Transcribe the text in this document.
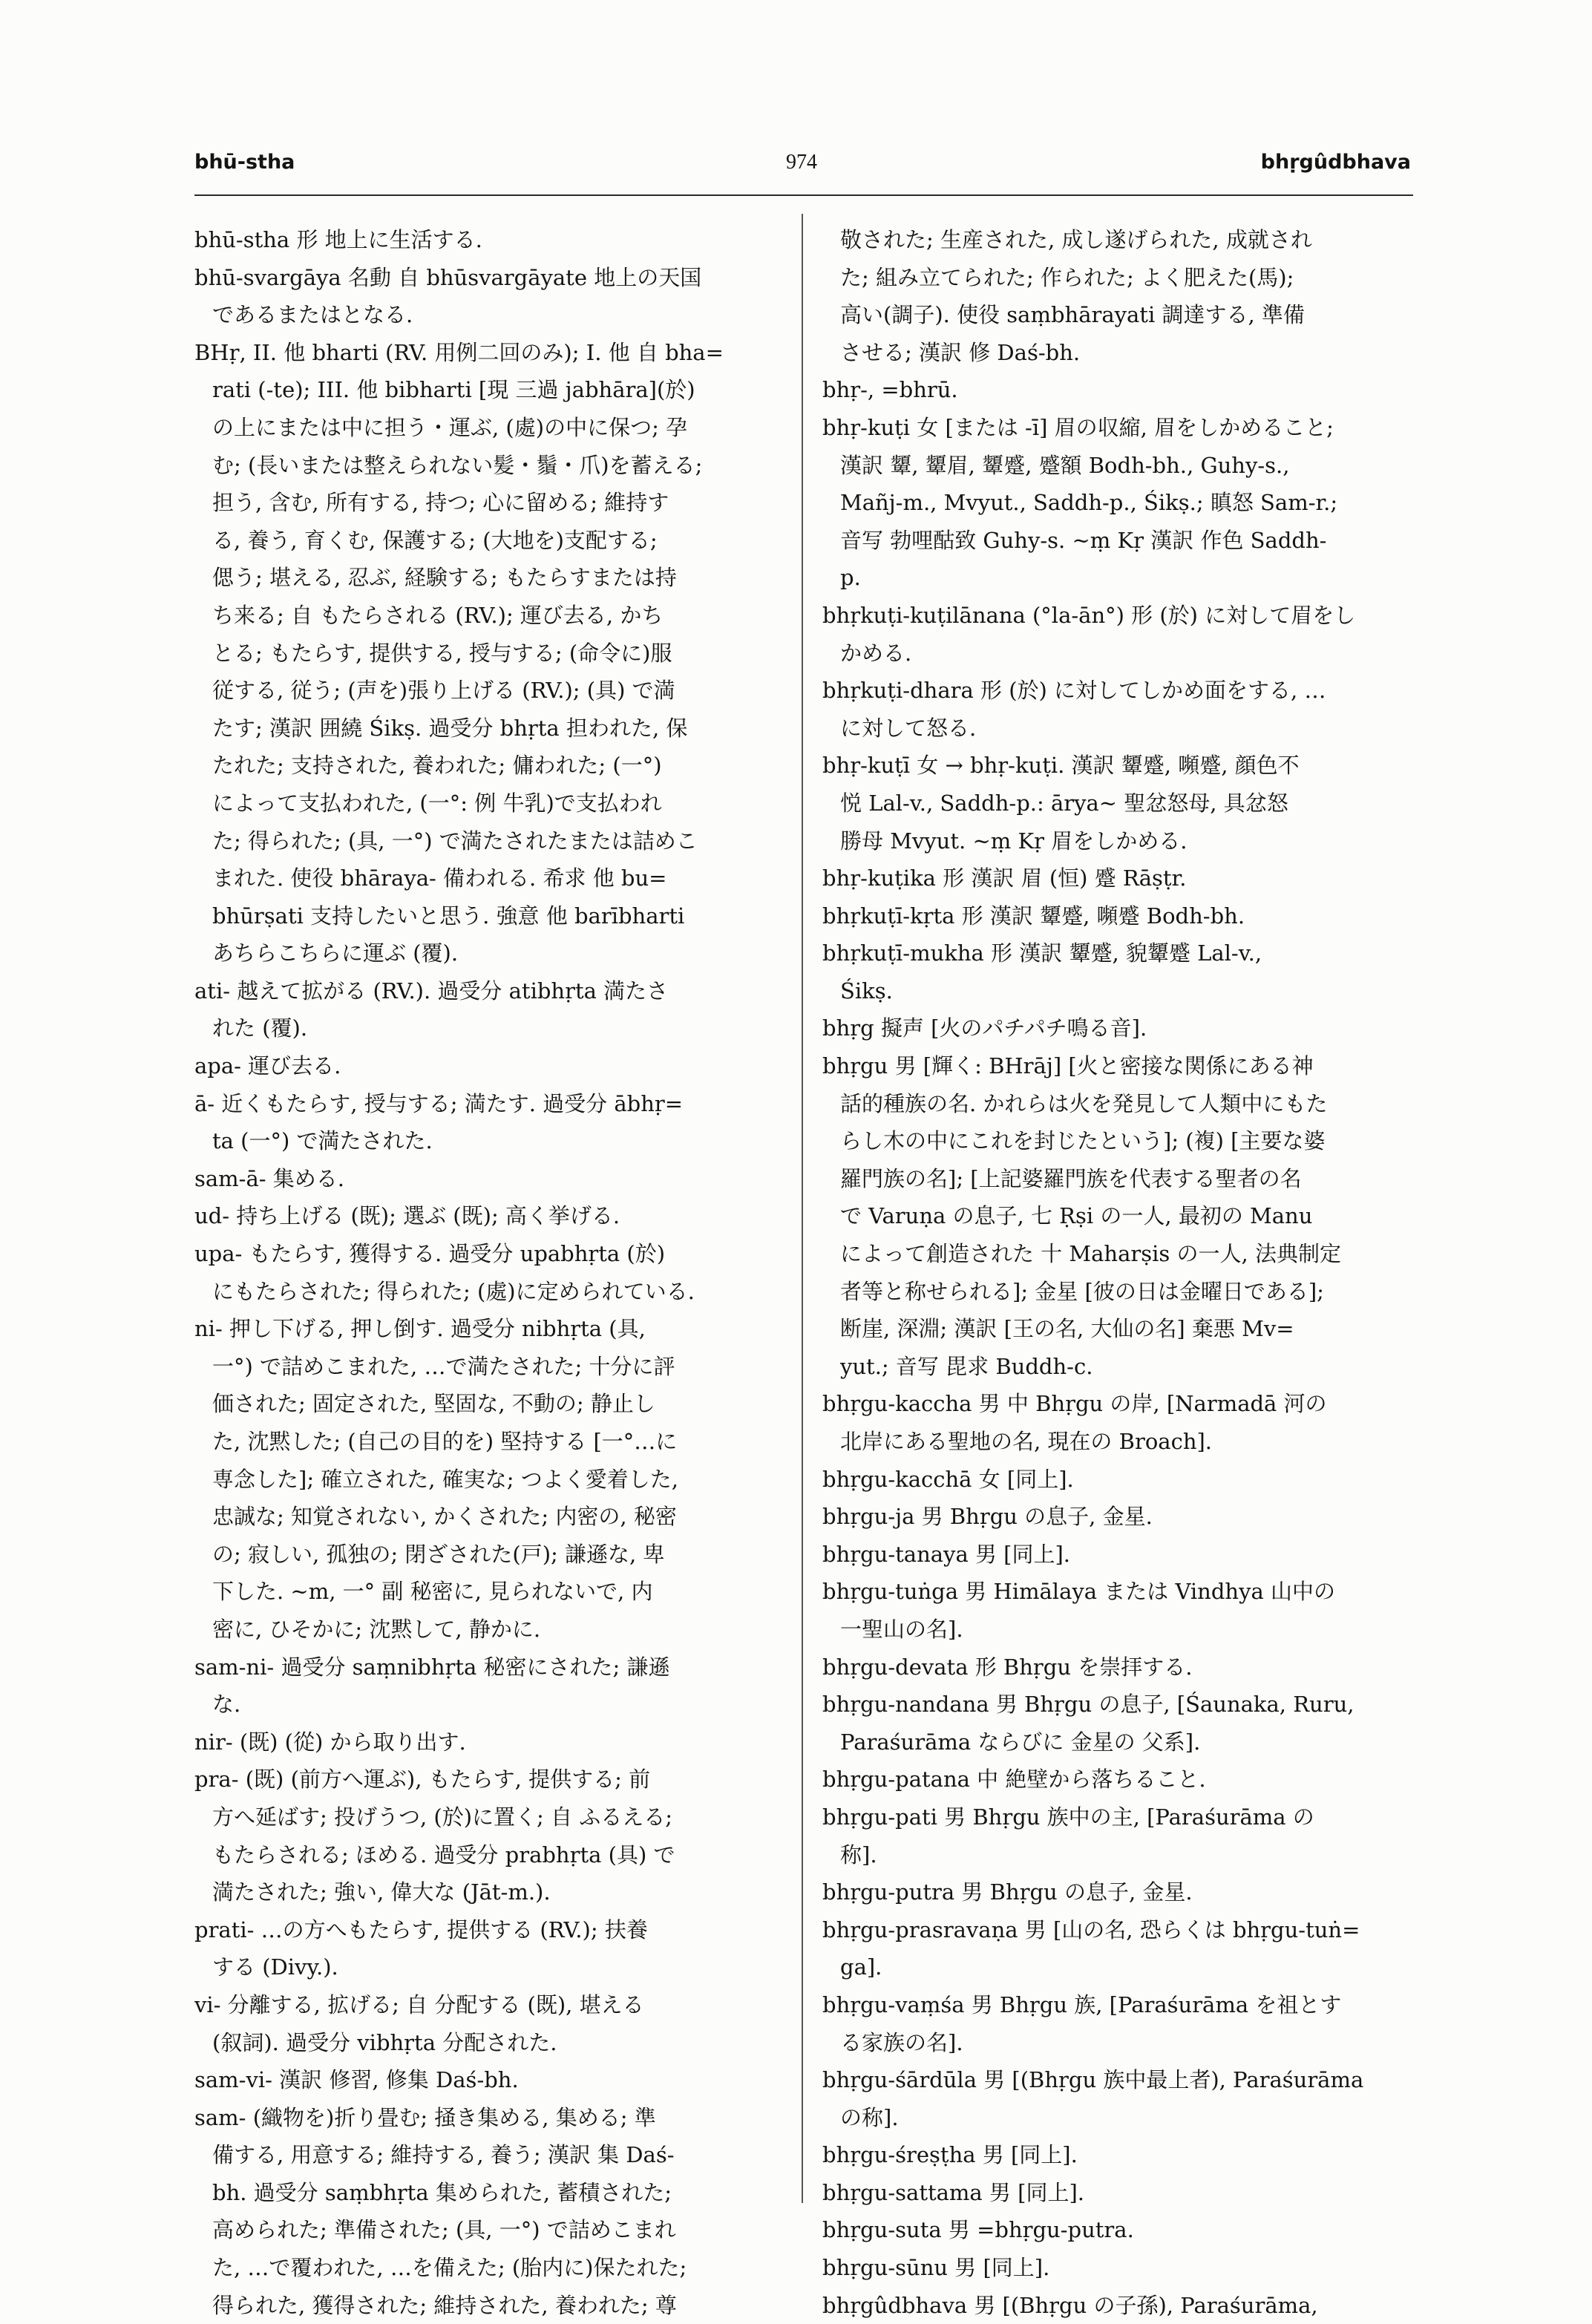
bhū-stha	974	bhṛgûdbhava
bhū-stha 形 地上に生活する.
bhū-svargāya 名動 自 bhūsvargāyate 地上の天国
であるまたはとなる.
BHṛ, II. 他 bharti (RV. 用例二回のみ); I. 他 自 bha=
rati (-te); III. 他 bibharti [現 三過 jabhāra](於)
の上にまたは中に担う・運ぶ, (處)の中に保つ; 孕
む; (長いまたは整えられない髪・鬚・爪)を蓄える;
担う, 含む, 所有する, 持つ; 心に留める; 維持す
る, 養う, 育くむ, 保護する; (大地を)支配する;
偲う; 堪える, 忍ぶ, 経験する; もたらすまたは持
ち来る; 自 もたらされる (RV.); 運び去る, かち
とる; もたらす, 提供する, 授与する; (命令に)服
従する, 従う; (声を)張り上げる (RV.); (具) で満
たす; 漢訳 囲繞 Śikṣ. 過受分 bhṛta 担われた, 保
たれた; 支持された, 養われた; 傭われた; (一°)
によって支払われた, (一°: 例 牛乳)で支払われ
た; 得られた; (具, 一°) で満たされたまたは詰めこ
まれた. 使役 bhāraya- 備われる. 希求 他 bu=
bhūrṣati 支持したいと思う. 強意 他 barībharti
あちらこちらに運ぶ (覆).
ati- 越えて拡がる (RV.). 過受分 atibhṛta 満たさ
れた (覆).
apa- 運び去る.
ā- 近くもたらす, 授与する; 満たす. 過受分 ābhṛ=
ta (一°) で満たされた.
sam-ā- 集める.
ud- 持ち上げる (既); 選ぶ (既); 高く挙げる.
upa- もたらす, 獲得する. 過受分 upabhṛta (於)
にもたらされた; 得られた; (處)に定められている.
ni- 押し下げる, 押し倒す. 過受分 nibhṛta (具,
一°) で詰めこまれた, …で満たされた; 十分に評
価された; 固定された, 堅固な, 不動の; 静止し
た, 沈黙した; (自己の目的を) 堅持する [一°…に
専念した]; 確立された, 確実な; つよく愛着した,
忠誠な; 知覚されない, かくされた; 内密の, 秘密
の; 寂しい, 孤独の; 閉ざされた(戸); 謙遜な, 卑
下した. ~m, 一° 副 秘密に, 見られないで, 内
密に, ひそかに; 沈黙して, 静かに.
sam-ni- 過受分 saṃnibhṛta 秘密にされた; 謙遜
な.
nir- (既) (從) から取り出す.
pra- (既) (前方へ運ぶ), もたらす, 提供する; 前
方へ延ばす; 投げうつ, (於)に置く; 自 ふるえる;
もたらされる; ほめる. 過受分 prabhṛta (具) で
満たされた; 強い, 偉大な (Jāt-m.).
prati- …の方へもたらす, 提供する (RV.); 扶養
する (Divy.).
vi- 分離する, 拡げる; 自 分配する (既), 堪える
(叙詞). 過受分 vibhṛta 分配された.
sam-vi- 漢訳 修習, 修集 Daś-bh.
sam- (織物を)折り畳む; 掻き集める, 集める; 準
備する, 用意する; 維持する, 養う; 漢訳 集 Daś-
bh. 過受分 saṃbhṛta 集められた, 蓄積された;
高められた; 準備された; (具, 一°) で詰めこまれ
た, …で覆われた, …を備えた; (胎内に)保たれた;
得られた, 獲得された; 維持された, 養われた; 尊
敬された; 生産された, 成し遂げられた, 成就され
た; 組み立てられた; 作られた; よく肥えた(馬);
高い(調子). 使役 saṃbhārayati 調達する, 準備
させる; 漢訳 修 Daś-bh.
bhṛ-, =bhrū.
bhṛ-kuṭi 女 [または -ī] 眉の収縮, 眉をしかめること;
漢訳 顰, 顰眉, 顰蹙, 蹙額 Bodh-bh., Guhy-s.,
Mañj-m., Mvyut., Saddh-p., Śikṣ.; 瞋怒 Sam-r.;
音写 勃哩酤致 Guhy-s. ~ṃ Kṛ 漢訳 作色 Saddh-
p.
bhṛkuṭi-kuṭilānana (°la-ān°) 形 (於) に対して眉をし
かめる.
bhṛkuṭi-dhara 形 (於) に対してしかめ面をする, …
に対して怒る.
bhṛ-kuṭī 女 → bhṛ-kuṭi. 漢訳 顰蹙, 嚬蹙, 顔色不
悦 Lal-v., Saddh-p.: ārya~ 聖忿怒母, 具忿怒
勝母 Mvyut. ~ṃ Kṛ 眉をしかめる.
bhṛ-kuṭika 形 漢訳 眉 (恒) 蹙 Rāṣṭr.
bhṛkuṭī-kṛta 形 漢訳 顰蹙, 嚬蹙 Bodh-bh.
bhṛkuṭī-mukha 形 漢訳 顰蹙, 貌顰蹙 Lal-v.,
Śikṣ.
bhṛg 擬声 [火のパチパチ鳴る音].
bhṛgu 男 [輝く: BHrāj] [火と密接な関係にある神
話的種族の名. かれらは火を発見して人類中にもた
らし木の中にこれを封じたという]; (複) [主要な婆
羅門族の名]; [上記婆羅門族を代表する聖者の名
で Varuṇa の息子, 七 Ṛṣi の一人, 最初の Manu
によって創造された 十 Maharṣis の一人, 法典制定
者等と称せられる]; 金星 [彼の日は金曜日である];
断崖, 深淵; 漢訳 [王の名, 大仙の名] 棄悪 Mv=
yut.; 音写 毘求 Buddh-c.
bhṛgu-kaccha 男 中 Bhṛgu の岸, [Narmadā 河の
北岸にある聖地の名, 現在の Broach].
bhṛgu-kacchā 女 [同上].
bhṛgu-ja 男 Bhṛgu の息子, 金星.
bhṛgu-tanaya 男 [同上].
bhṛgu-tuṅga 男 Himālaya または Vindhya 山中の
一聖山の名].
bhṛgu-devata 形 Bhṛgu を崇拝する.
bhṛgu-nandana 男 Bhṛgu の息子, [Śaunaka, Ruru,
Paraśurāma ならびに 金星の 父系].
bhṛgu-patana 中 絶壁から落ちること.
bhṛgu-pati 男 Bhṛgu 族中の主, [Paraśurāma の
称].
bhṛgu-putra 男 Bhṛgu の息子, 金星.
bhṛgu-prasravaṇa 男 [山の名, 恐らくは bhṛgu-tuṅ=
ga].
bhṛgu-vaṃśa 男 Bhṛgu 族, [Paraśurāma を祖とす
る家族の名].
bhṛgu-śārdūla 男 [(Bhṛgu 族中最上者), Paraśurāma
の称].
bhṛgu-śreṣṭha 男 [同上].
bhṛgu-sattama 男 [同上].
bhṛgu-suta 男 =bhṛgu-putra.
bhṛgu-sūnu 男 [同上].
bhṛgûdbhava 男 [(Bhṛgu の子孫), Paraśurāma,
